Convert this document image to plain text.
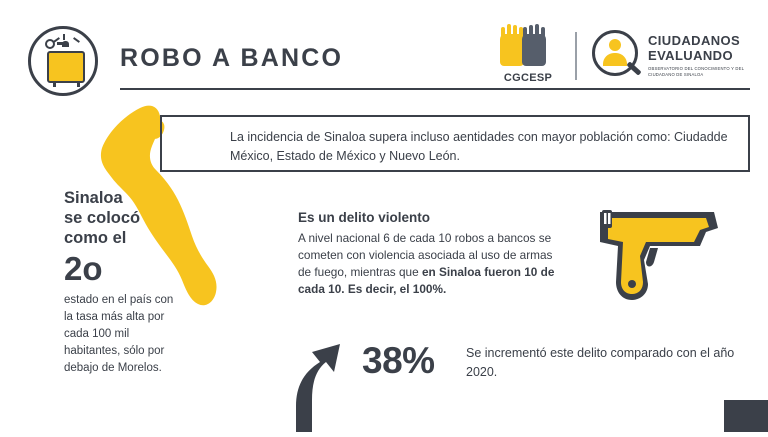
ROBO A BANCO
CGCESP
CIUDADANOS
EVALUANDO
OBSERVATORIO DEL CONOCIMIENTO Y DEL CIUDADANO DE SINALOA
La incidencia de Sinaloa supera incluso aentidades con mayor población como: Ciudadde México, Estado de México y Nuevo León.
Sinaloa
se colocó
como el
2o
estado en el país con la tasa más alta por cada 100 mil habitantes, sólo por debajo de Morelos.
Es un delito violento
A nivel nacional 6 de cada 10 robos a bancos se cometen con violencia asociada al uso de armas de fuego, mientras que en Sinaloa fueron 10 de cada 10. Es decir, el 100%.
38%	Se incrementó este delito comparado con el año 2020.
